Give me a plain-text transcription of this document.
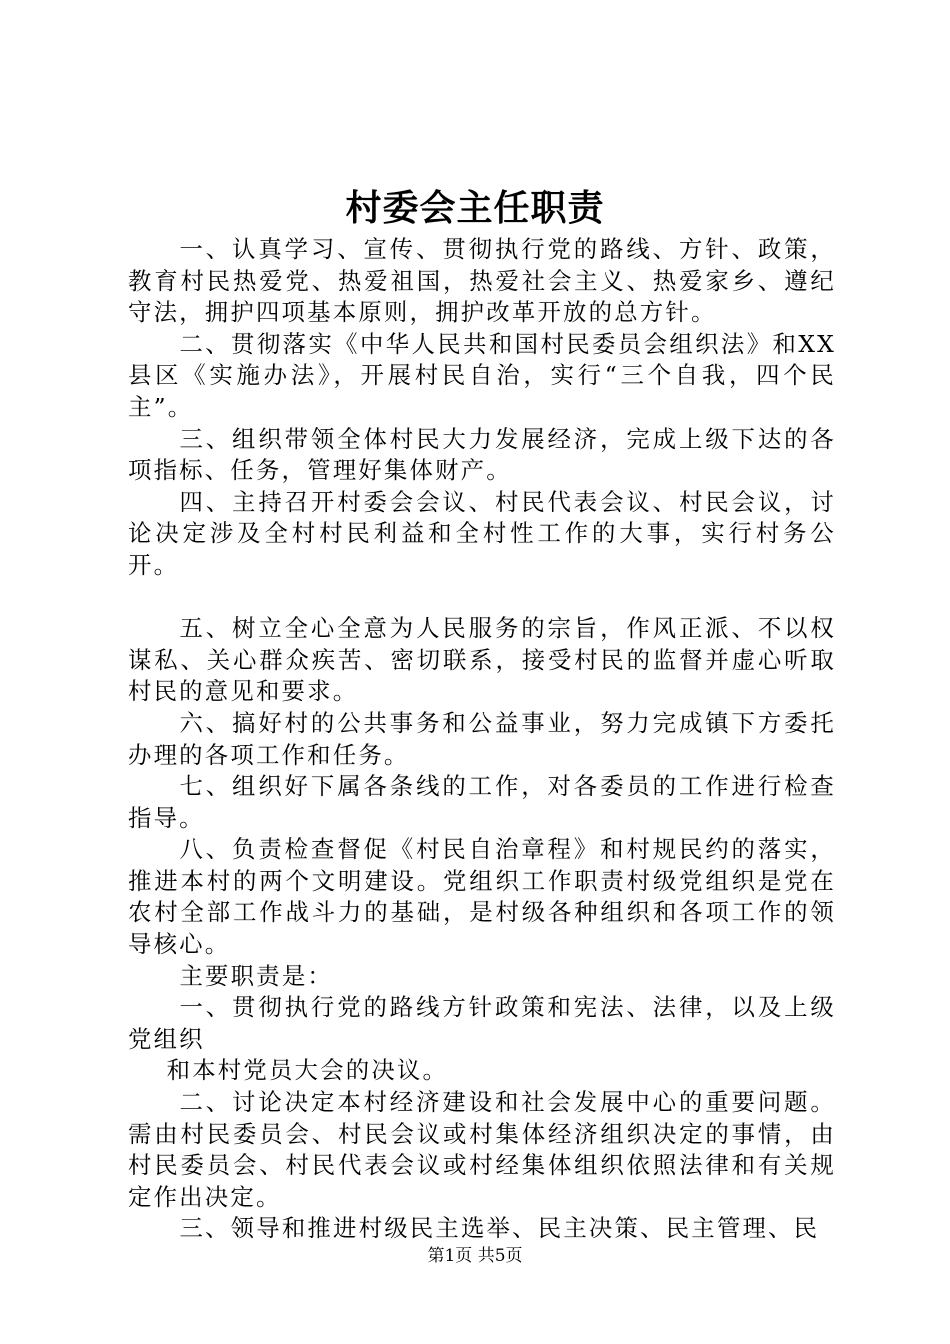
村委会主任职责

一、认真学习、宣传、贯彻执行党的路线、方针、政策，教育村民热爱党、热爱祖国，热爱社会主义、热爱家乡、遵纪守法，拥护四项基本原则，拥护改革开放的总方针。

二、贯彻落实《中华人民共和国村民委员会组织法》和XX县区《实施办法》，开展村民自治，实行“三个自我，四个民主”。

三、组织带领全体村民大力发展经济，完成上级下达的各项指标、任务，管理好集体财产。

四、主持召开村委会会议、村民代表会议、村民会议，讨论决定涉及全村村民利益和全村性工作的大事，实行村务公开。

五、树立全心全意为人民服务的宗旨，作风正派、不以权谋私、关心群众疾苦、密切联系，接受村民的监督并虚心听取村民的意见和要求。

六、搞好村的公共事务和公益事业，努力完成镇下方委托办理的各项工作和任务。

七、组织好下属各条线的工作，对各委员的工作进行检查指导。

八、负责检查督促《村民自治章程》和村规民约的落实，推进本村的两个文明建设。党组织工作职责村级党组织是党在农村全部工作战斗力的基础，是村级各种组织和各项工作的领导核心。

主要职责是：

一、贯彻执行党的路线方针政策和宪法、法律，以及上级党组织

和本村党员大会的决议。

二、讨论决定本村经济建设和社会发展中心的重要问题。需由村民委员会、村民会议或村集体经济组织决定的事情，由村民委员会、村民代表会议或村经集体组织依照法律和有关规定作出决定。

三、领导和推进村级民主选举、民主决策、民主管理、民

第1页 共5页
